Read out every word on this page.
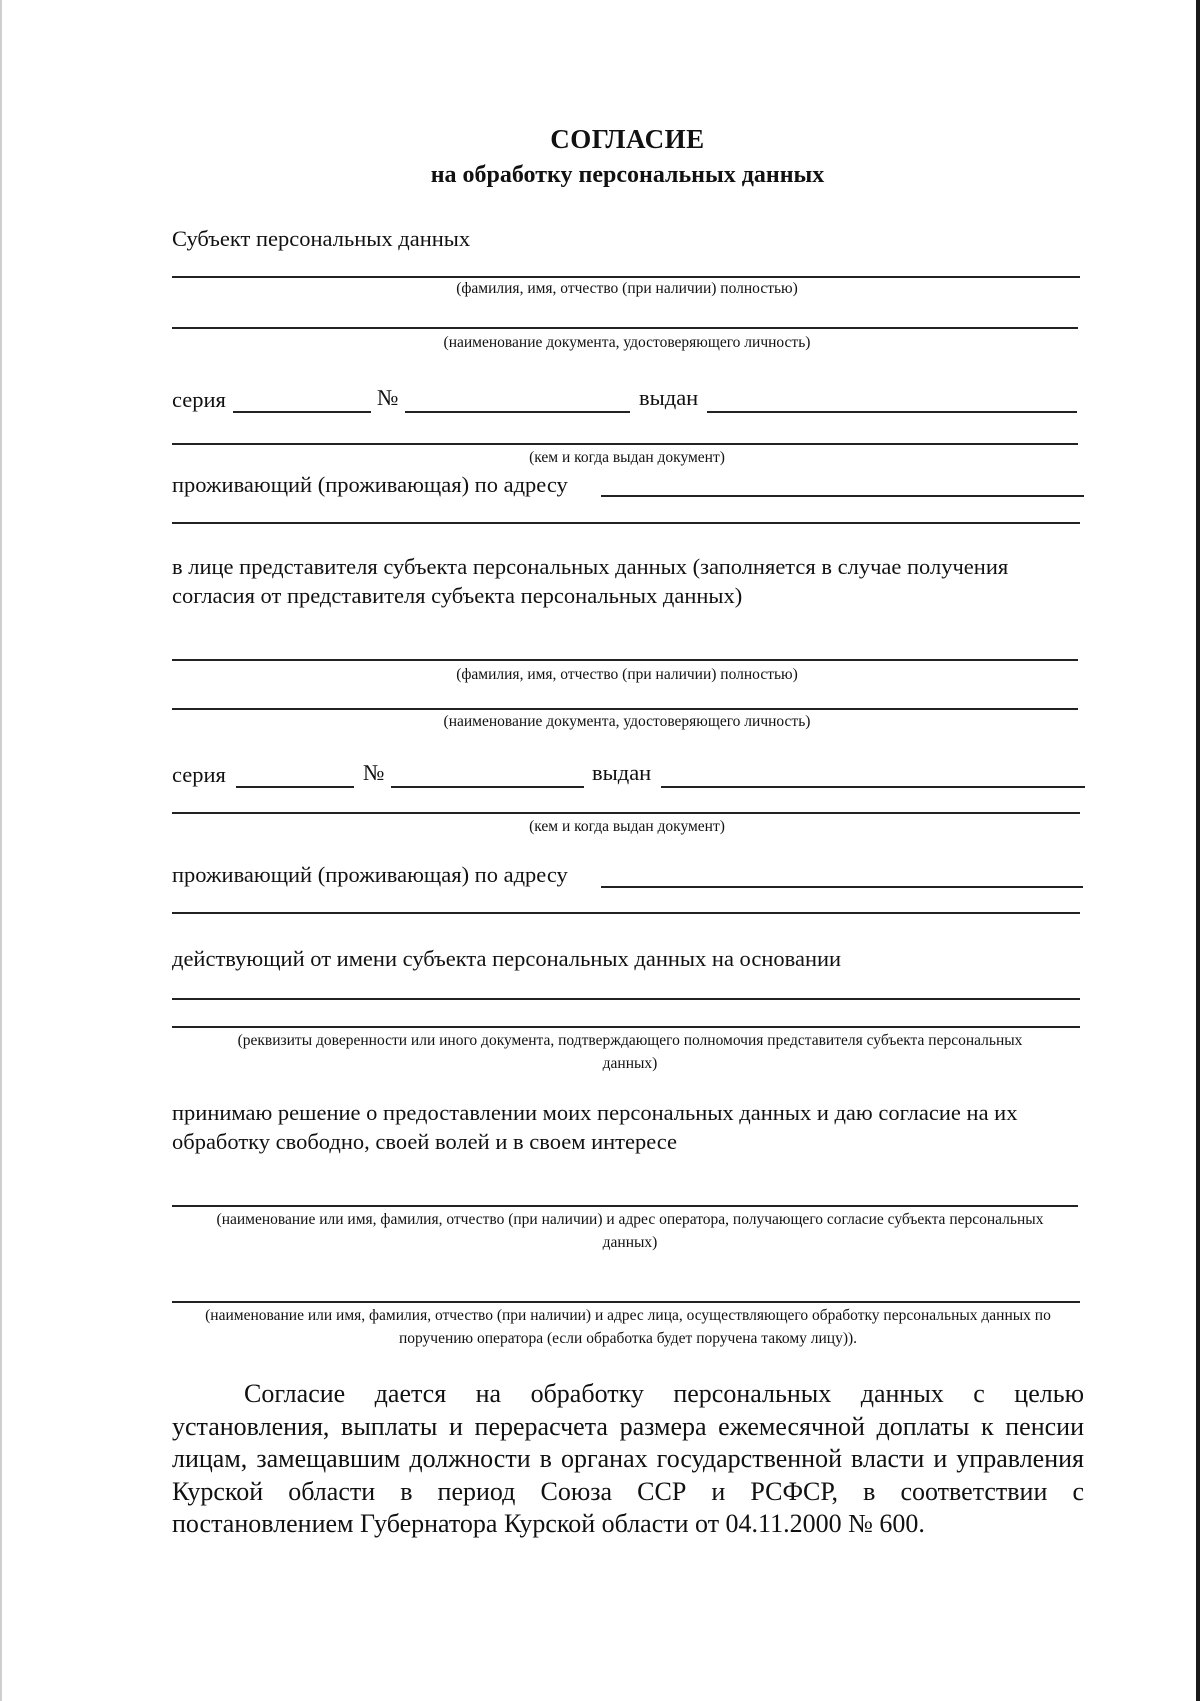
СОГЛАСИЕ
на обработку персональных данных
Субъект персональных данных
(фамилия, имя, отчество (при наличии) полностью)
(наименование документа, удостоверяющего личность)
серия	№	выдан
(кем и когда выдан документ)
проживающий (проживающая) по адресу
в лице представителя субъекта персональных данных (заполняется в случае получения
согласия от представителя субъекта персональных данных)
(фамилия, имя, отчество (при наличии) полностью)
(наименование документа, удостоверяющего личность)
серия	№	выдан
(кем и когда выдан документ)
проживающий (проживающая) по адресу
действующий от имени субъекта персональных данных на основании
(реквизиты доверенности или иного документа, подтверждающего полномочия представителя субъекта персональных данных)
принимаю решение о предоставлении моих персональных данных и даю согласие на их
обработку свободно, своей волей и в своем интересе
(наименование или имя, фамилия, отчество (при наличии) и адрес оператора, получающего согласие субъекта персональных данных)
(наименование или имя, фамилия, отчество (при наличии) и адрес лица, осуществляющего обработку персональных данных по поручению оператора (если обработка будет поручена такому лицу)).
Согласие дается на обработку персональных данных с целью установления, выплаты и перерасчета размера ежемесячной доплаты к пенсии лицам, замещавшим должности в органах государственной власти и управления Курской области в период Союза ССР и РСФСР, в соответствии с постановлением Губернатора Курской области от 04.11.2000 № 600.
